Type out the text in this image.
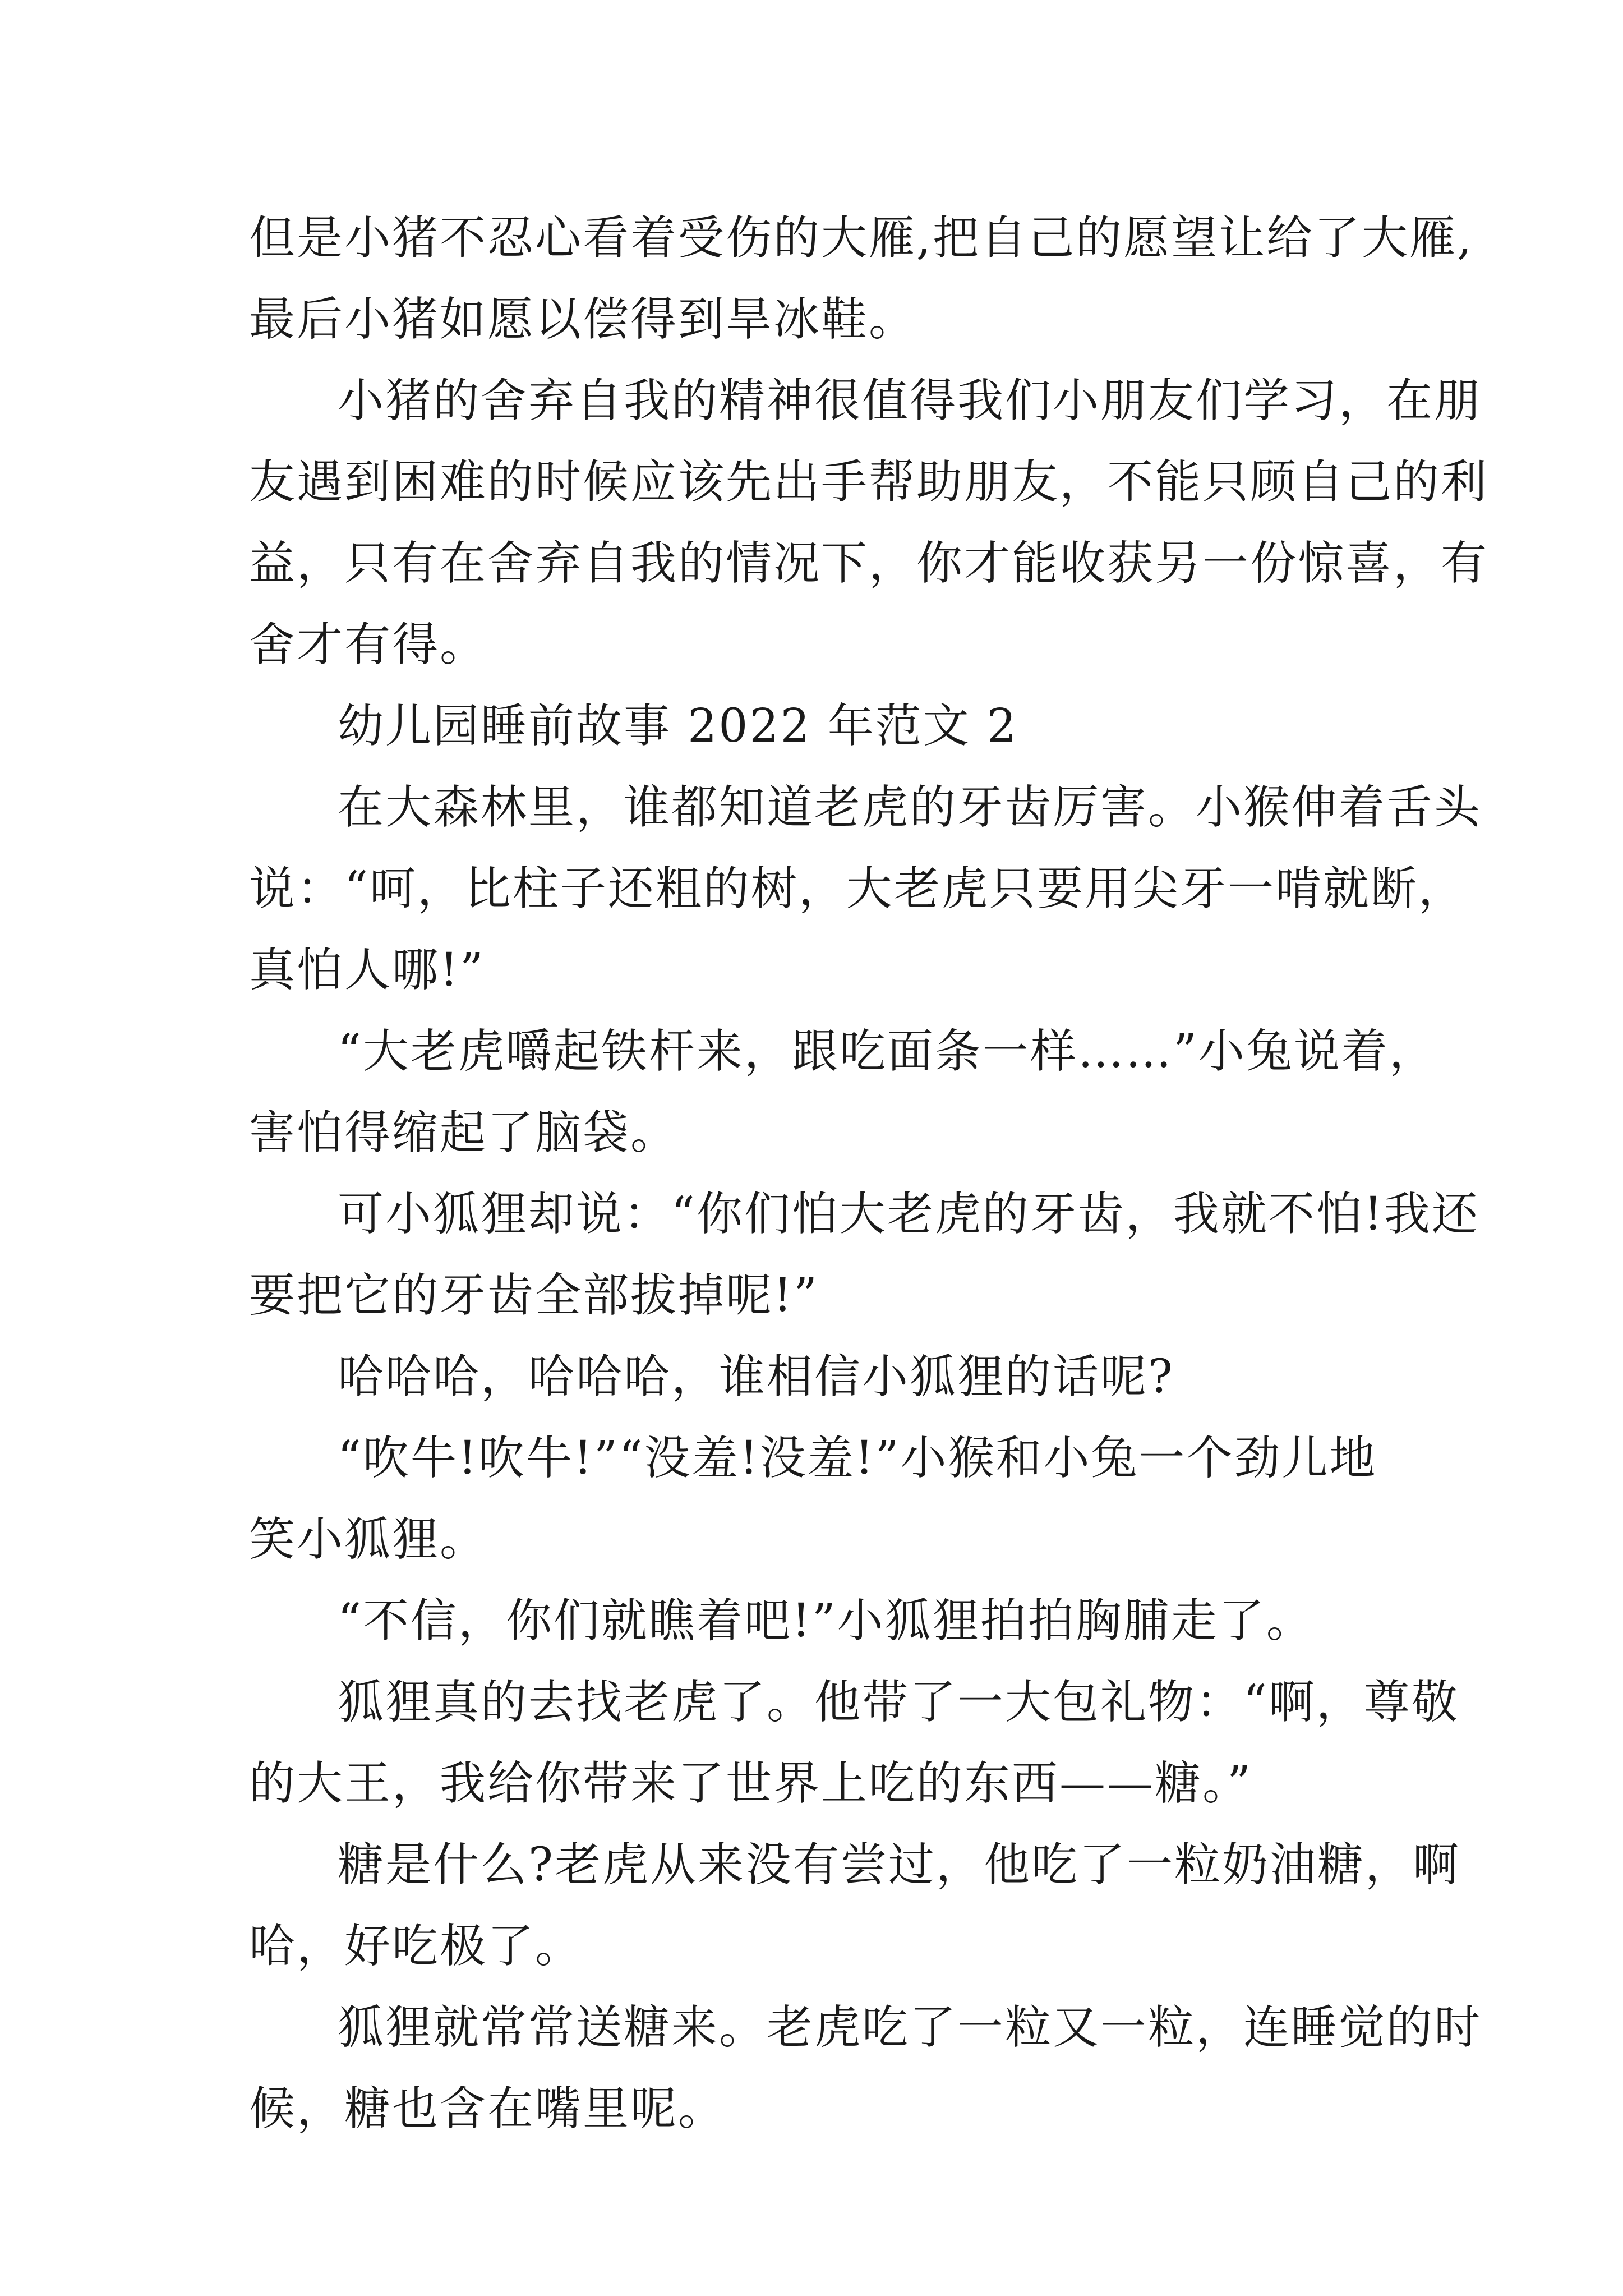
但是小猪不忍心看着受伤的大雁,把自己的愿望让给了大雁,
最后小猪如愿以偿得到旱冰鞋。

小猪的舍弃自我的精神很值得我们小朋友们学习，在朋
友遇到困难的时候应该先出手帮助朋友，不能只顾自己的利
益，只有在舍弃自我的情况下，你才能收获另一份惊喜，有
舍才有得。

幼儿园睡前故事 2022 年范文 2

在大森林里，谁都知道老虎的牙齿厉害。小猴伸着舌头
说：“呵，比柱子还粗的树，大老虎只要用尖牙一啃就断，
真怕人哪!”

“大老虎嚼起铁杆来，跟吃面条一样……”小兔说着，
害怕得缩起了脑袋。

可小狐狸却说：“你们怕大老虎的牙齿，我就不怕!我还
要把它的牙齿全部拔掉呢!”

哈哈哈，哈哈哈，谁相信小狐狸的话呢?

“吹牛!吹牛!”“没羞!没羞!”小猴和小兔一个劲儿地
笑小狐狸。

“不信，你们就瞧着吧!”小狐狸拍拍胸脯走了。

狐狸真的去找老虎了。他带了一大包礼物：“啊，尊敬
的大王，我给你带来了世界上吃的东西——糖。”

糖是什么?老虎从来没有尝过，他吃了一粒奶油糖，啊
哈，好吃极了。

狐狸就常常送糖来。老虎吃了一粒又一粒，连睡觉的时
候，糖也含在嘴里呢。
